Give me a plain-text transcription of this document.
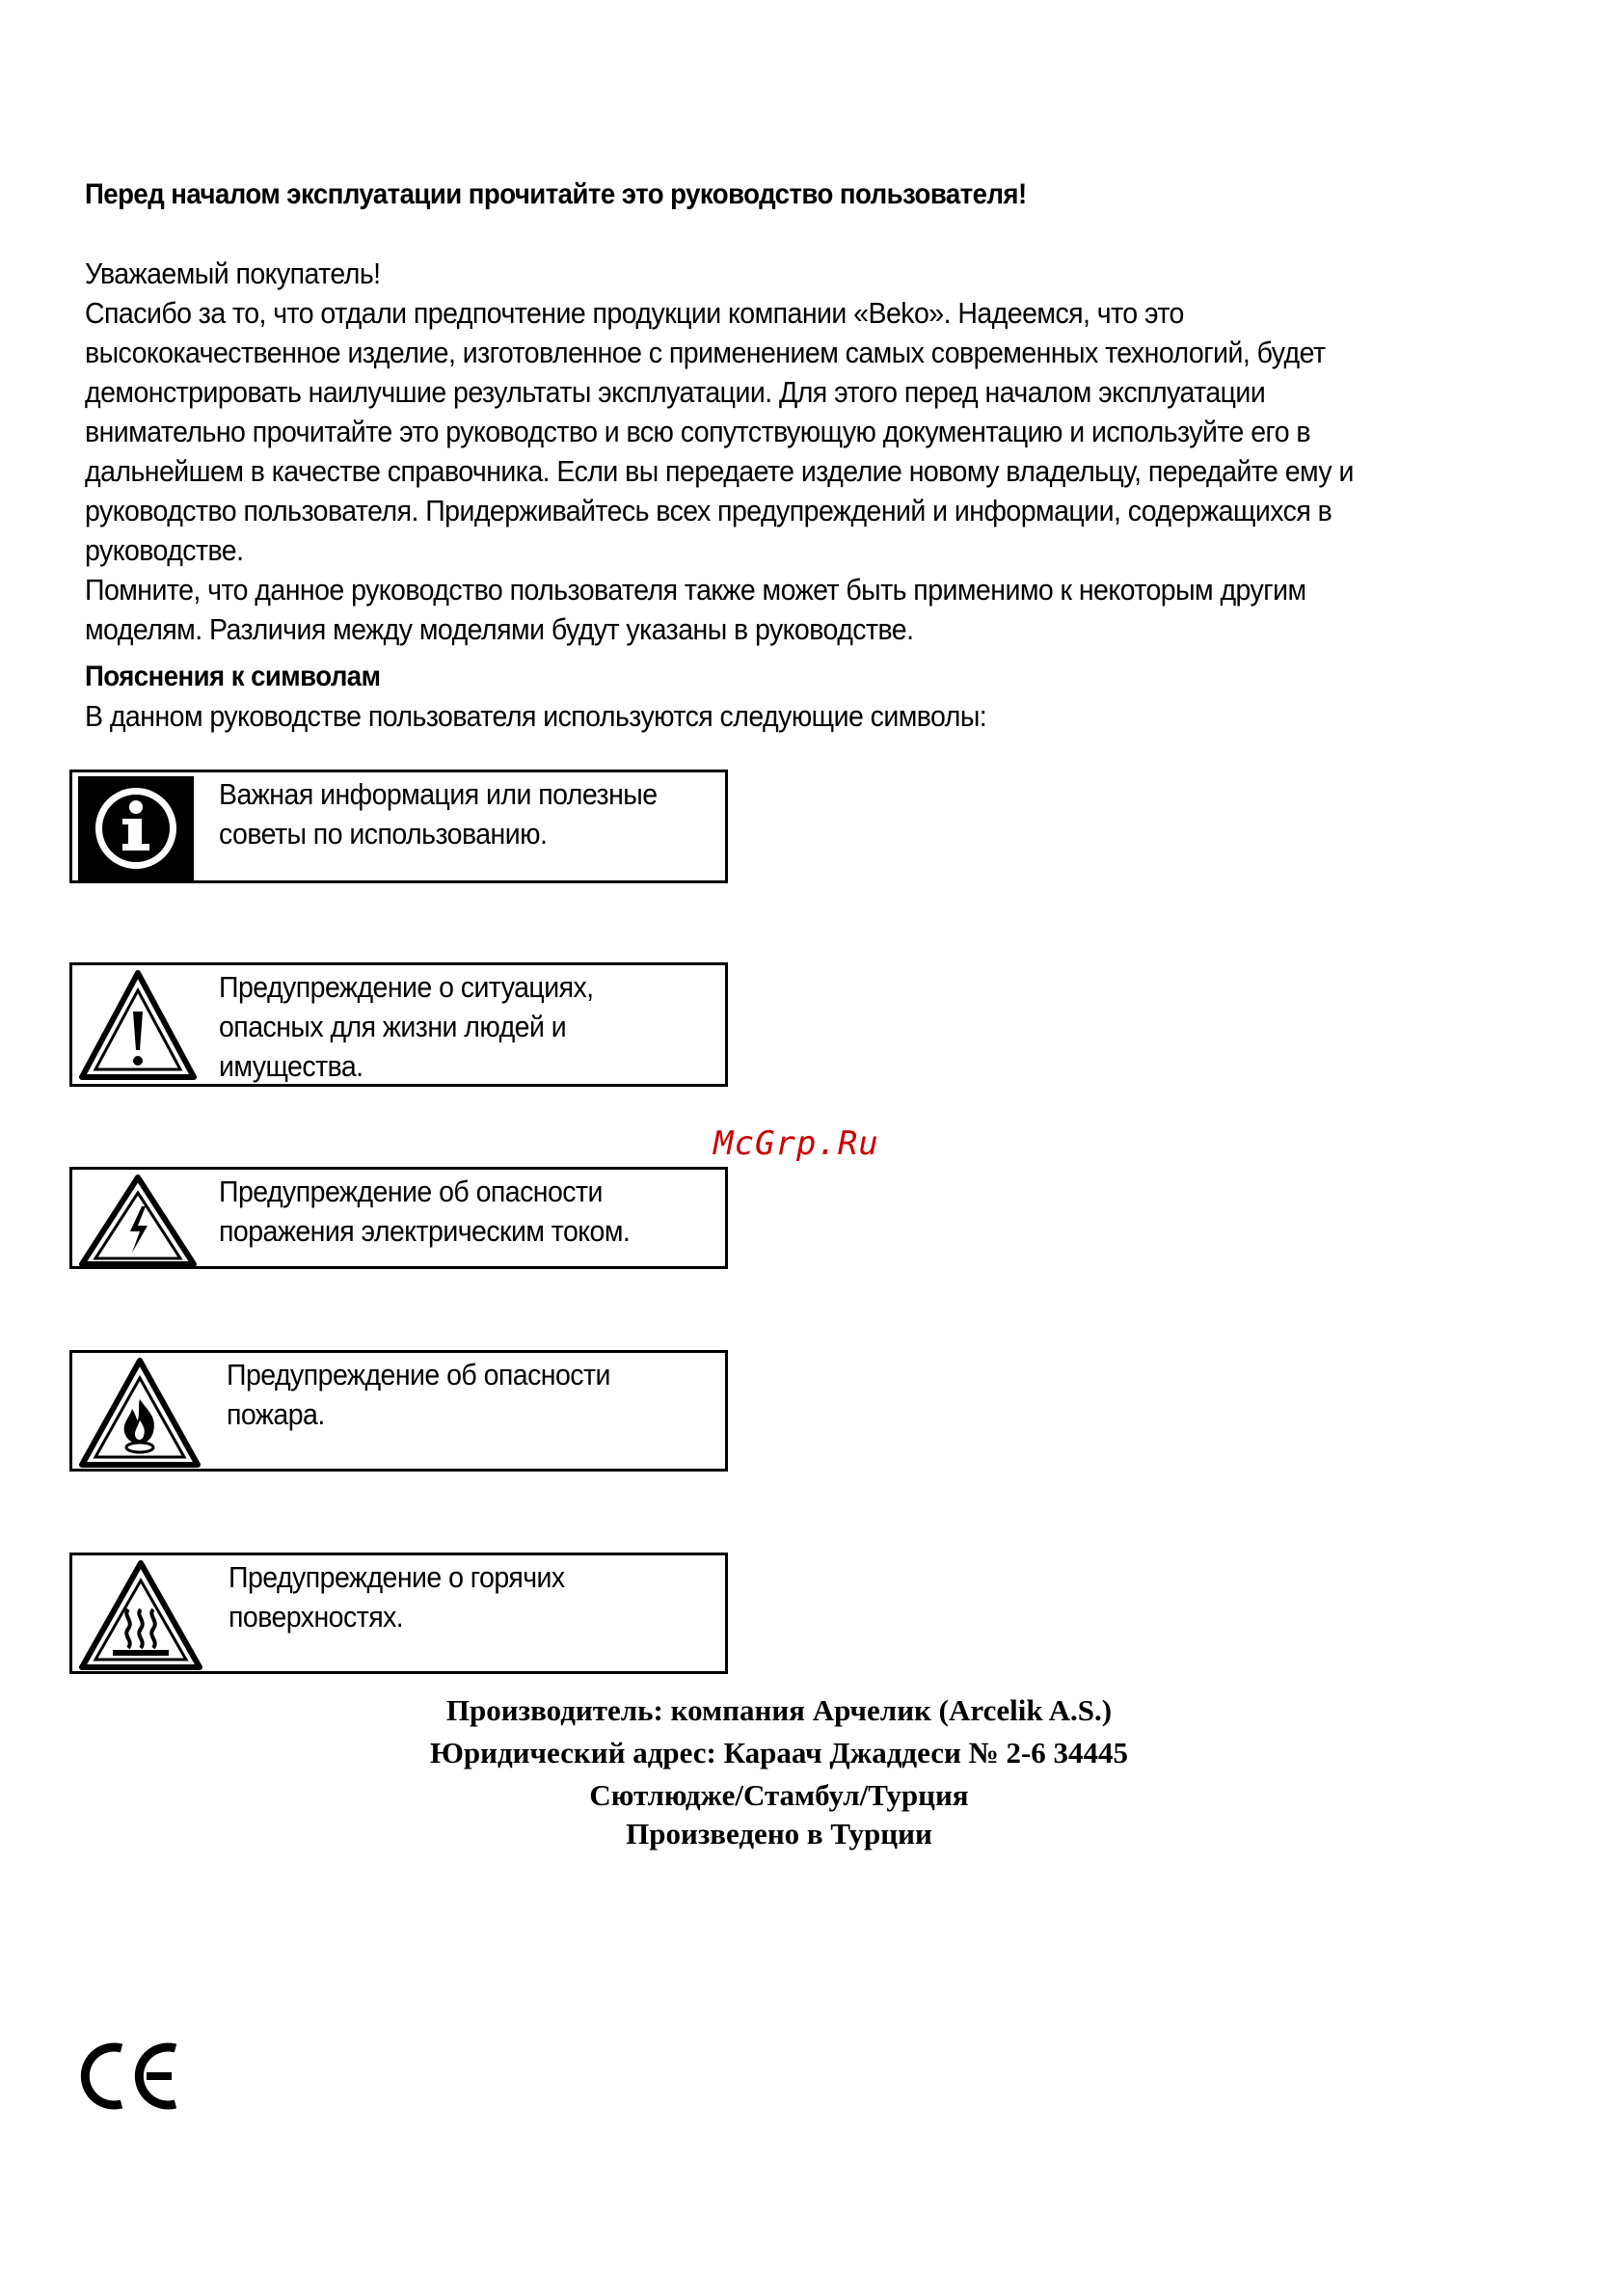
Перед началом эксплуатации прочитайте это руководство пользователя!

Уважаемый покупатель!

Спасибо за то, что отдали предпочтение продукции компании «Beko». Надеемся, что это

высококачественное изделие, изготовленное с применением самых современных технологий, будет

демонстрировать наилучшие результаты эксплуатации. Для этого перед началом эксплуатации

внимательно прочитайте это руководство и всю сопутствующую документацию и используйте его в

дальнейшем в качестве справочника. Если вы передаете изделие новому владельцу, передайте ему и

руководство пользователя. Придерживайтесь всех предупреждений и информации, содержащихся в

руководстве.

Помните, что данное руководство пользователя также может быть применимо к некоторым другим

моделям. Различия между моделями будут указаны в руководстве.

Пояснения к символам
В данном руководстве пользователя используются следующие символы:
Важная информация или полезные
советы по использованию.
Предупреждение о ситуациях,
опасных для жизни людей и
имущества.
Предупреждение об опасности
поражения электрическим током.
Предупреждение об опасности
пожара.
Предупреждение о горячих
поверхностях.
McGrp.Ru
Производитель: компания Арчелик (Arcelik A.S.)
Юридический адрес: Караач Джаддеси № 2-6 34445
Сютлюдже/Стамбул/Турция
Произведено в Турции
